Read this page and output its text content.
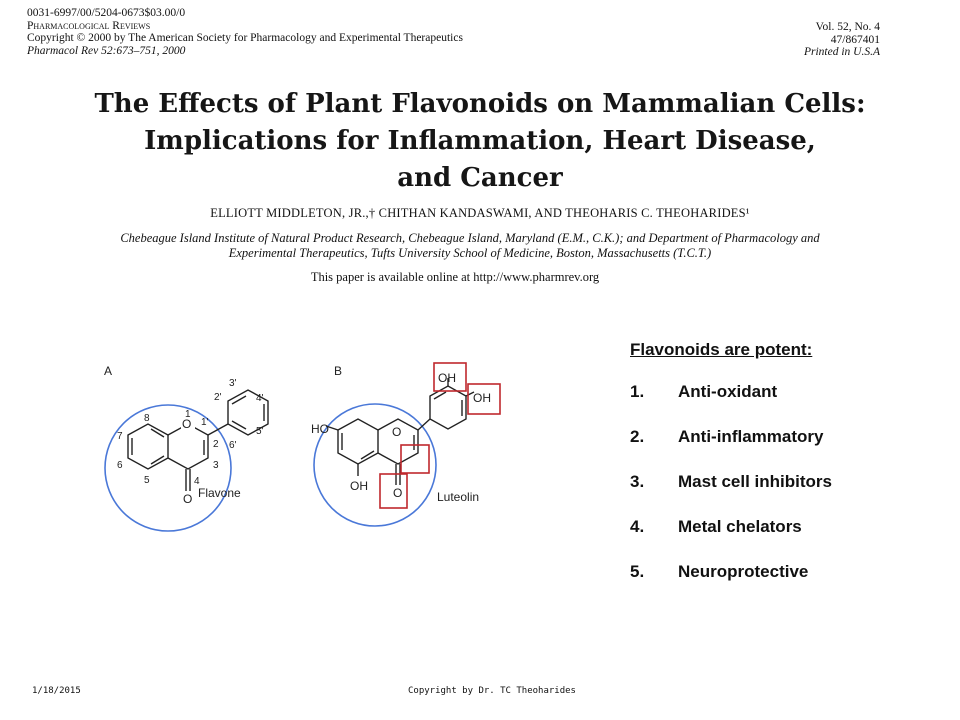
0031-6997/00/5204-0673$03.00/0
Pharmacological Reviews
Copyright © 2000 by The American Society for Pharmacology and Experimental Therapeutics
Pharmacol Rev 52:673–751, 2000
Vol. 52, No. 4
47/867401
Printed in U.S.A
The Effects of Plant Flavonoids on Mammalian Cells:
Implications for Inflammation, Heart Disease,
and Cancer
ELLIOTT MIDDLETON, JR.,† CHITHAN KANDASWAMI, AND THEOHARIS C. THEOHARIDES¹
Chebeague Island Institute of Natural Product Research, Chebeague Island, Maryland (E.M., C.K.); and Department of Pharmacology and
Experimental Therapeutics, Tufts University School of Medicine, Boston, Massachusetts (T.C.T.)
This paper is available online at http://www.pharmrev.org
A
O
O
1
2
3
4
5
6
7
8	1'
2'
3'
4'
5'
6'
Flavone
B
O
O
HO
OH
OH
OH
Luteolin
Flavonoids are potent:
1. Anti-oxidant
2. Anti-inflammatory
3. Mast cell inhibitors
4. Metal chelators
5. Neuroprotective
1/18/2015	Copyright by Dr. TC Theoharides
